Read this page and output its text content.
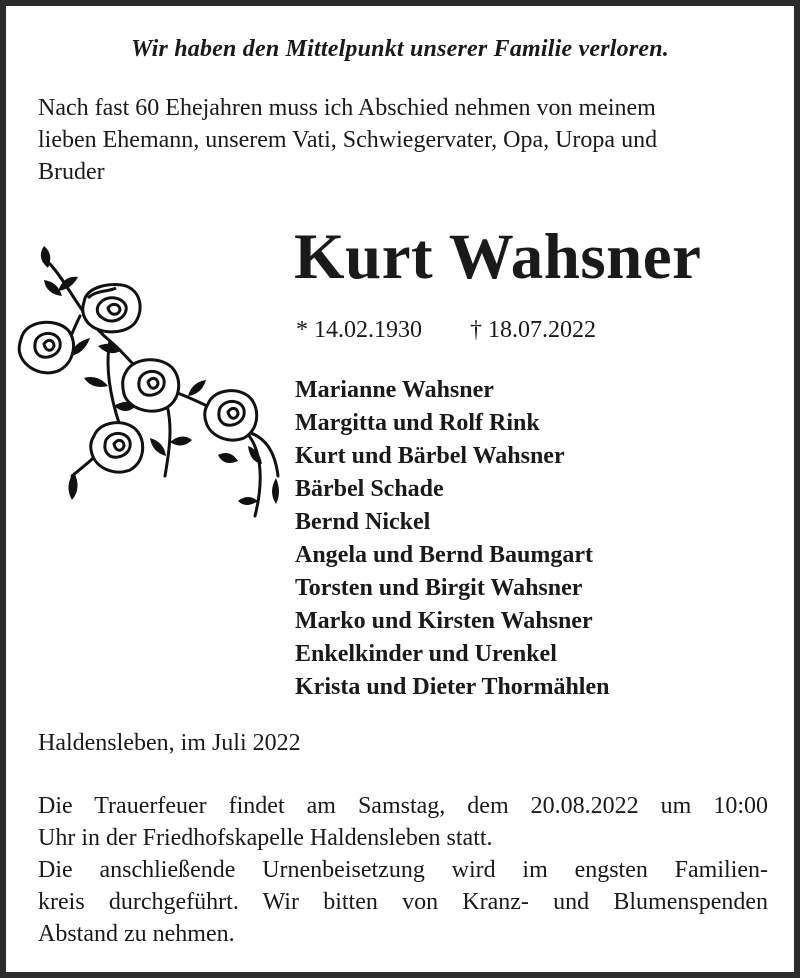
Wir haben den Mittelpunkt unserer Familie verloren.
Nach fast 60 Ehejahren muss ich Abschied nehmen von meinem
lieben Ehemann, unserem Vati, Schwiegervater, Opa, Uropa und
Bruder
Kurt Wahsner
* 14.02.1930 † 18.07.2022
Marianne Wahsner
Margitta und Rolf Rink
Kurt und Bärbel Wahsner
Bärbel Schade
Bernd Nickel
Angela und Bernd Baumgart
Torsten und Birgit Wahsner
Marko und Kirsten Wahsner
Enkelkinder und Urenkel
Krista und Dieter Thormählen
Haldensleben, im Juli 2022
Die Trauerfeuer findet am Samstag, dem 20.08.2022 um 10:00
Uhr in der Friedhofskapelle Haldensleben statt.
Die anschließende Urnenbeisetzung wird im engsten Familien-
kreis durchgeführt. Wir bitten von Kranz- und Blumenspenden
Abstand zu nehmen.
